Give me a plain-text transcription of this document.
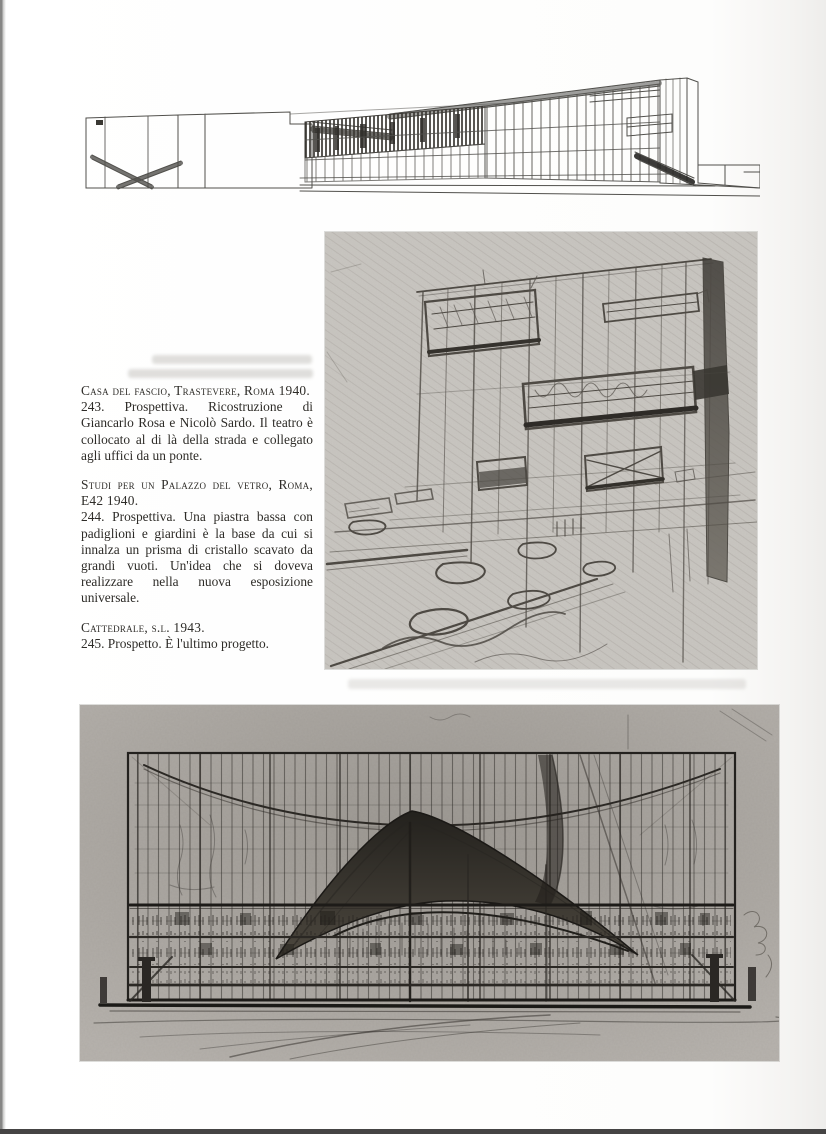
Casa del fascio, Trastevere, Roma 1940.
243. Prospettiva. Ricostruzione di Giancarlo Rosa e Nicolò Sardo. Il teatro è collocato al di là della strada e collegato agli uffici da un ponte.

Studi per un Palazzo del vetro, Roma, E42 1940.
244. Prospettiva. Una piastra bassa con padiglioni e giardini è la base da cui si innalza un prisma di cristallo scavato da grandi vuoti. Un'idea che si doveva realizzare nella nuova esposizione universale.

Cattedrale, s.l. 1943.
245. Prospetto. È l'ultimo progetto.
